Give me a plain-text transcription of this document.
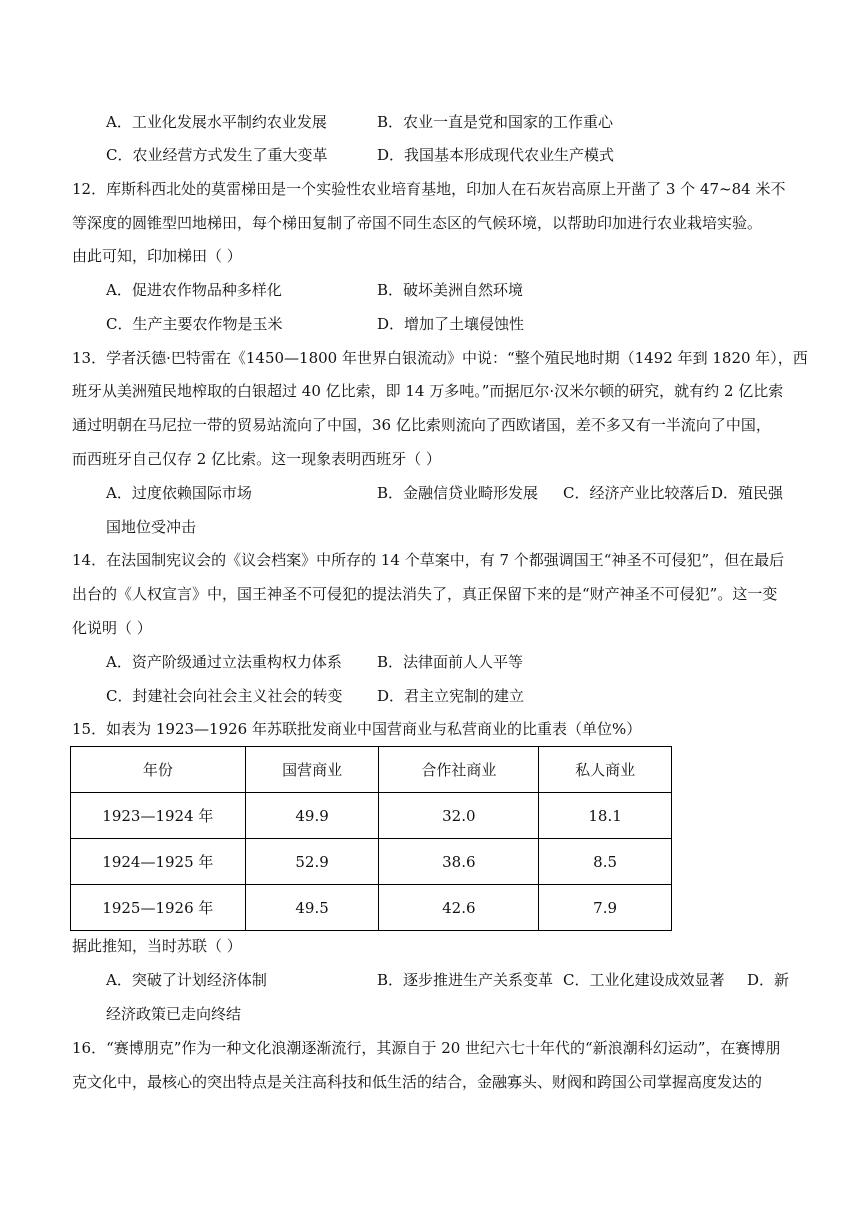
A．工业化发展水平制约农业发展	B．农业一直是党和国家的工作重心
C．农业经营方式发生了重大变革	D．我国基本形成现代农业生产模式
12．库斯科西北处的莫雷梯田是一个实验性农业培育基地，印加人在石灰岩高原上开凿了 3 个 47~84 米不
等深度的圆锥型凹地梯田，每个梯田复制了帝国不同生态区的气候环境，以帮助印加进行农业栽培实验。
由此可知，印加梯田（ ）
A．促进农作物品种多样化	B．破坏美洲自然环境
C．生产主要农作物是玉米	D．增加了土壤侵蚀性
13．学者沃德·巴特雷在《1450—1800 年世界白银流动》中说：“整个殖民地时期（1492 年到 1820 年），西
班牙从美洲殖民地榨取的白银超过 40 亿比索，即 14 万多吨。”而据厄尔·汉米尔顿的研究，就有约 2 亿比索
通过明朝在马尼拉一带的贸易站流向了中国，36 亿比索则流向了西欧诸国，差不多又有一半流向了中国，
而西班牙自己仅存 2 亿比索。这一现象表明西班牙（ ）
A．过度依赖国际市场	B．金融信贷业畸形发展 C．经济产业比较落后 D．殖民强
国地位受冲击
14．在法国制宪议会的《议会档案》中所存的 14 个草案中，有 7 个都强调国王“神圣不可侵犯”，但在最后
出台的《人权宣言》中，国王神圣不可侵犯的提法消失了，真正保留下来的是“财产神圣不可侵犯”。这一变
化说明（ ）
A．资产阶级通过立法重构权力体系 B．法律面前人人平等
C．封建社会向社会主义社会的转变 D．君主立宪制的建立
15．如表为 1923—1926 年苏联批发商业中国营商业与私营商业的比重表（单位%）
年份	国营商业	合作社商业	私人商业
1923—1924 年	49.9	32.0	18.1
1924—1925 年	52.9	38.6	8.5
1925—1926 年	49.5	42.6	7.9
据此推知，当时苏联（ ）
A．突破了计划经济体制	B．逐步推进生产关系变革 C．工业化建设成效显著 D．新
经济政策已走向终结
16．“赛博朋克”作为一种文化浪潮逐渐流行，其源自于 20 世纪六七十年代的“新浪潮科幻运动”，在赛博朋
克文化中，最核心的突出特点是关注高科技和低生活的结合，金融寡头、财阀和跨国公司掌握高度发达的
